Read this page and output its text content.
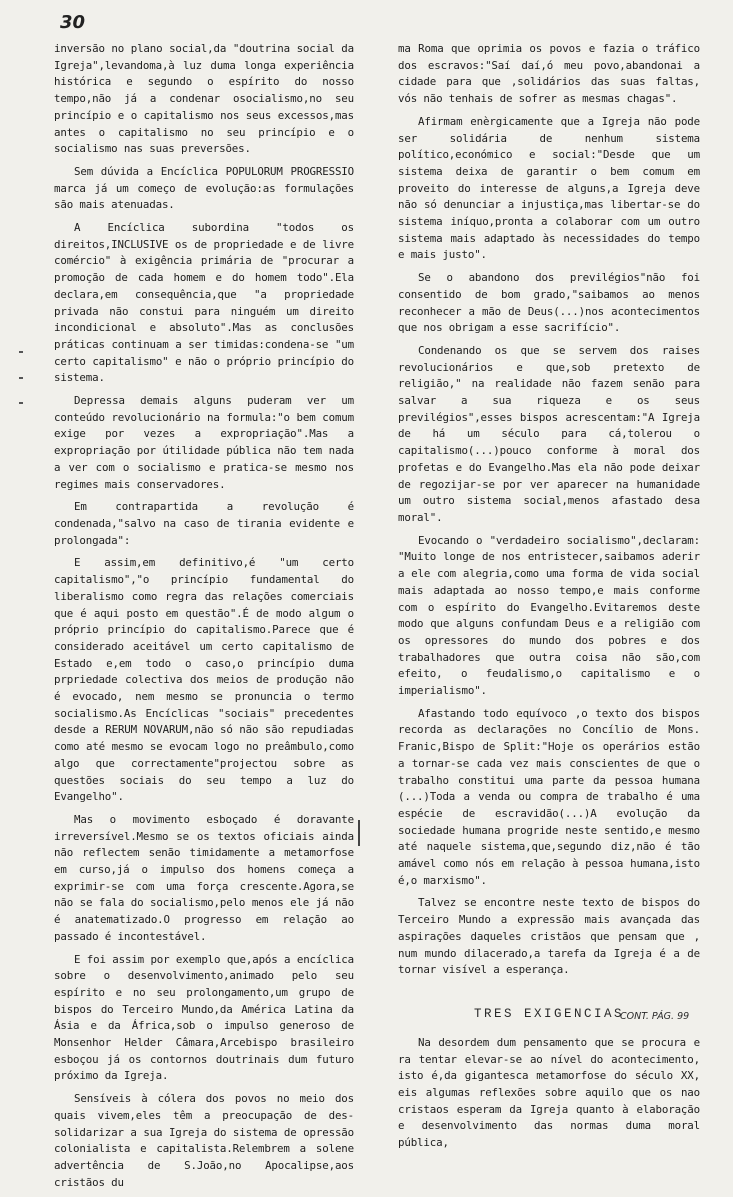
30

inversão no plano social,da "doutrina social da Igreja",levandoma,à luz duma longa experiência histórica e segundo o espírito do nosso tempo,não já a condenar osocialismo,no seu princípio e o capitalismo nos seus excessos,mas antes o capitalismo no seu princípio e o socialismo nas suas preversões.

Sem dúvida a Encíclica POPULORUM PROGRESSIO marca já um começo de evolução:as formulações são mais atenuadas.

A Encíclica subordina "todos os direitos,INCLUSIVE os de propriedade e de livre comércio" à exigência primária de "procurar a promoção de cada homem e do homem todo".Ela declara,em consequência,que "a propriedade privada não constui para ninguém um direito incondicional e absoluto".Mas as conclusões práticas continuam a ser timidas:condena-se "um certo capitalismo" e não o próprio princípio do sistema.

Depressa demais alguns puderam ver um conteúdo revolucionário na formula:"o bem comum exige por vezes a expropriação".Mas a expropriação por útilidade pública não tem nada a ver com o socialismo e pratica-se mesmo nos regimes mais conservadores.

Em contrapartida a revolução é condenada,"salvo na caso de tirania evidente e prolongada":

E assim,em definitivo,é "um certo capitalismo","o princípio fundamental do liberalismo como regra das relações comerciais que é aqui posto em questão".É de modo algum o próprio princípio do capitalismo.Parece que é considerado aceitável um certo capitalismo de Estado e,em todo o caso,o princípio duma prpriedade colectiva dos meios de produção não é evocado, nem mesmo se pronuncia o termo socialismo.As Encíclicas "sociais" precedentes desde a RERUM NOVARUM,não só não são repudiadas como até mesmo se evocam logo no preâmbulo,como algo que correctamente"projectou sobre as questões sociais do seu tempo a luz do Evangelho".

Mas o movimento esboçado é doravante irreversível.Mesmo se os textos oficiais ainda não reflectem senão timidamente a metamorfose em curso,já o impulso dos homens começa a exprimir-se com uma força crescente.Agora,se não se fala do socialismo,pelo menos ele já não é anatematizado.O progresso em relação ao passado é incontestável.

E foi assim por exemplo que,após a encíclica sobre o desenvolvimento,animado pelo seu espírito e no seu prolongamento,um grupo de bispos do Terceiro Mundo,da América Latina da Ásia e da África,sob o impulso generoso de Monsenhor Helder Câmara,Arcebispo brasileiro esboçou já os contornos doutrinais dum futuro próximo da Igreja.

Sensíveis à cólera dos povos no meio dos quais vivem,eles têm a preocupação de des-solidarizar a sua Igreja do sistema de opressão colonialista e capitalista.Relembrem a solene advertência de S.João,no Apocalipse,aos cristãos du

ma Roma que oprimia os povos e fazia o tráfico dos escravos:"Saí daí,ó meu povo,abandonai a cidade para que ,solidários das suas faltas, vós não tenhais de sofrer as mesmas chagas".

Afirmam enèrgicamente que a Igreja não pode ser solidária de nenhum sistema político,económico e social:"Desde que um sistema deixa de garantir o bem comum em proveito do interesse de alguns,a Igreja deve não só denunciar a injustiça,mas libertar-se do sistema iníquo,pronta a colaborar com um outro sistema mais adaptado às necessidades do tempo e mais justo".

Se o abandono dos previlégios"não foi consentido de bom grado,"saibamos ao menos reconhecer a mão de Deus(...)nos acontecimentos que nos obrigam a esse sacrifício".

Condenando os que se servem dos raises revolucionários e que,sob pretexto de religião," na realidade não fazem senão para salvar a sua riqueza e os seus previlégios",esses bispos acrescentam:"A Igreja de há um século para cá,tolerou o capitalismo(...)pouco conforme à moral dos profetas e do Evangelho.Mas ela não pode deixar de regozijar-se por ver aparecer na humanidade um outro sistema social,menos afastado desa moral".

Evocando o "verdadeiro socialismo",declaram: "Muito longe de nos entristecer,saibamos aderir a ele com alegria,como uma forma de vida social mais adaptada ao nosso tempo,e mais conforme com o espírito do Evangelho.Evitaremos deste modo que alguns confundam Deus e a religião com os opressores do mundo dos pobres e dos trabalhadores que outra coisa não são,com efeito, o feudalismo,o capitalismo e o imperialismo".

Afastando todo equívoco ,o texto dos bispos recorda as declarações no Concílio de Mons. Franic,Bispo de Split:"Hoje os operários estão a tornar-se cada vez mais conscientes de que o trabalho constitui uma parte da pessoa humana (...)Toda a venda ou compra de trabalho é uma espécie de escravidão(...)A evolução da sociedade humana progride neste sentido,e mesmo até naquele sistema,que,segundo diz,não é tão amável como nós em relação à pessoa humana,isto é,o marxismo".

Talvez se encontre neste texto de bispos do Terceiro Mundo a expressão mais avançada das aspirações daqueles cristãos que pensam que , num mundo dilacerado,a tarefa da Igreja é a de tornar visível a esperança.

TRES EXIGENCIAS

Na desordem dum pensamento que se procura e ra tentar elevar-se ao nível do acontecimento, isto é,da gigantesca metamorfose do século XX, eis algumas reflexões sobre aquilo que os nao cristaos esperam da Igreja quanto à elaboração e desenvolvimento das normas duma moral pública,

CONT. PÁG. 99
